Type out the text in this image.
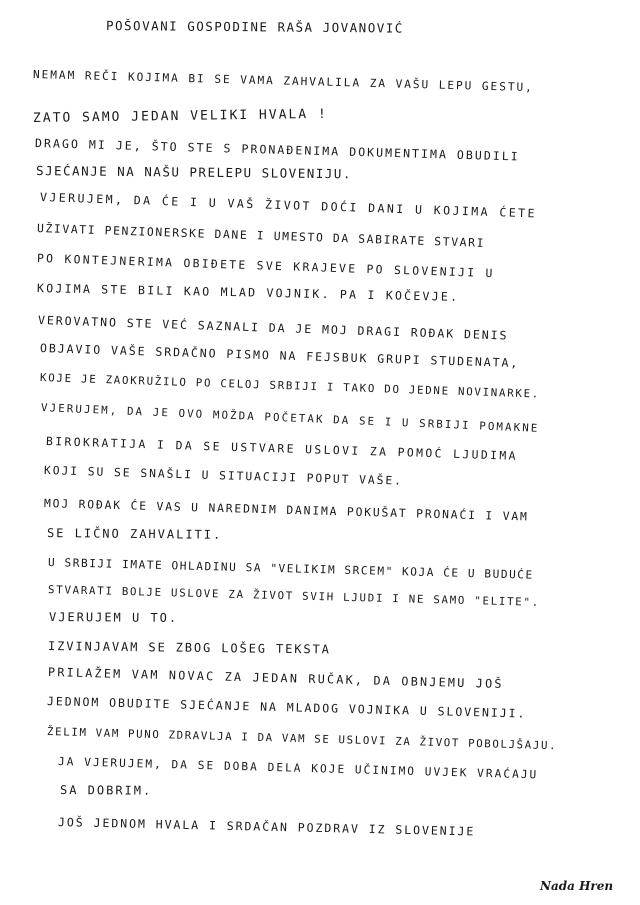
POŠOVANI GOSPODINE RAŠA JOVANOVIĆ
NEMAM REČI KOJIMA BI SE VAMA ZAHVALILA ZA VAŠU LEPU GESTU,
ZATO SAMO JEDAN VELIKI HVALA !
DRAGO MI JE, ŠTO STE S PRONAĐENIMA DOKUMENTIMA OBUDILI
SJEĆANJE NA NAŠU PRELEPU SLOVENIJU.
VJERUJEM, DA ĆE I U VAŠ ŽIVOT DOĆI DANI U KOJIMA ĆETE
UŽIVATI PENZIONERSKE DANE I UMESTO DA SABIRATE STVARI
PO KONTEJNERIMA OBIĐETE SVE KRAJEVE PO SLOVENIJI U
KOJIMA STE BILI KAO MLAD VOJNIK. PA I KOČEVJE.
VEROVATNO STE VEĆ SAZNALI DA JE MOJ DRAGI ROĐAK DENIS
OBJAVIO VAŠE SRDAČNO PISMO NA FEJSBUK GRUPI STUDENATA,
KOJE JE ZAOKRUŽILO PO CELOJ SRBIJI I TAKO DO JEDNE NOVINARKE.
VJERUJEM, DA JE OVO MOŽDA POČETAK DA SE I U SRBIJI POMAKNE
BIROKRATIJA I DA SE USTVARE USLOVI ZA POMOĆ LJUDIMA
KOJI SU SE SNAŠLI U SITUACIJI POPUT VAŠE.
MOJ ROĐAK ĆE VAS U NAREDNIM DANIMA POKUŠAT PRONAĆI I VAM
SE LIČNO ZAHVALITI.
U SRBIJI IMATE OHLADINU SA "VELIKIM SRCEM" KOJA ĆE U BUDUĆE
STVARATI BOLJE USLOVE ZA ŽIVOT SVIH LJUDI I NE SAMO "ELITE".
VJERUJEM U TO.
IZVINJAVAM SE ZBOG LOŠEG TEKSTA
PRILAŽEM VAM NOVAC ZA JEDAN RUČAK, DA OBNJEMU JOŠ
JEDNOM OBUDITE SJEĆANJE NA MLADOG VOJNIKA U SLOVENIJI.
ŽELIM VAM PUNO ZDRAVLJA I DA VAM SE USLOVI ZA ŽIVOT POBOLJŠAJU.
JA VJERUJEM, DA SE DOBA DELA KOJE UČINIMO UVJEK VRAĆAJU
SA DOBRIM.
JOŠ JEDNOM HVALA I SRDAČAN POZDRAV IZ SLOVENIJE
Nada Hren
